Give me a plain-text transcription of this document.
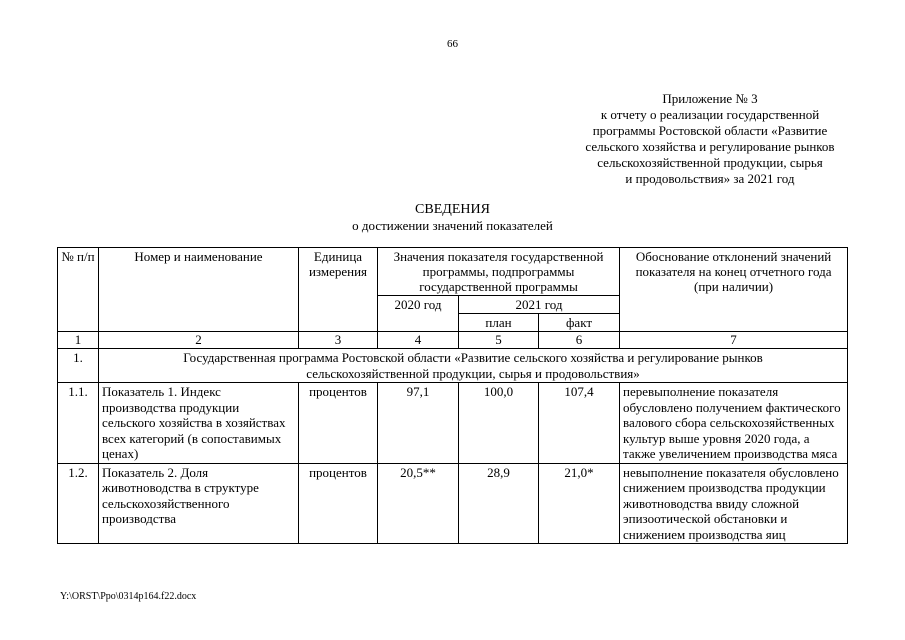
66
Приложение № 3
к отчету о реализации государственной
программы Ростовской области «Развитие
сельского хозяйства и регулирование рынков
сельскохозяйственной продукции, сырья
и продовольствия» за 2021 год
СВЕДЕНИЯ
о достижении значений показателей
№ п/п	Номер и наименование	Единица измерения	Значения показателя государственной программы, подпрограммы государственной программы			Обоснование отклонений значений показателя на конец отчетного года (при наличии)
			2020 год	2021 год		
				план	факт	
1	2	3	4	5	6	7
1.	Государственная программа Ростовской области «Развитие сельского хозяйства и регулирование рынков сельскохозяйственной продукции, сырья и продовольствия»					
1.1.	Показатель 1. Индекс производства продукции сельского хозяйства в хозяйствах всех категорий (в сопоставимых ценах)	процентов	97,1	100,0	107,4	перевыполнение показателя обусловлено получением фактического валового сбора сельскохозяйственных культур выше уровня 2020 года, а также увеличением производства мяса
1.2.	Показатель 2. Доля животноводства в структуре сельскохозяйственного производства	процентов	20,5**	28,9	21,0*	невыполнение показателя обусловлено снижением производства продукции животноводства ввиду сложной эпизоотической обстановки и снижением производства яиц
Y:\ORST\Ppo\0314p164.f22.docx
